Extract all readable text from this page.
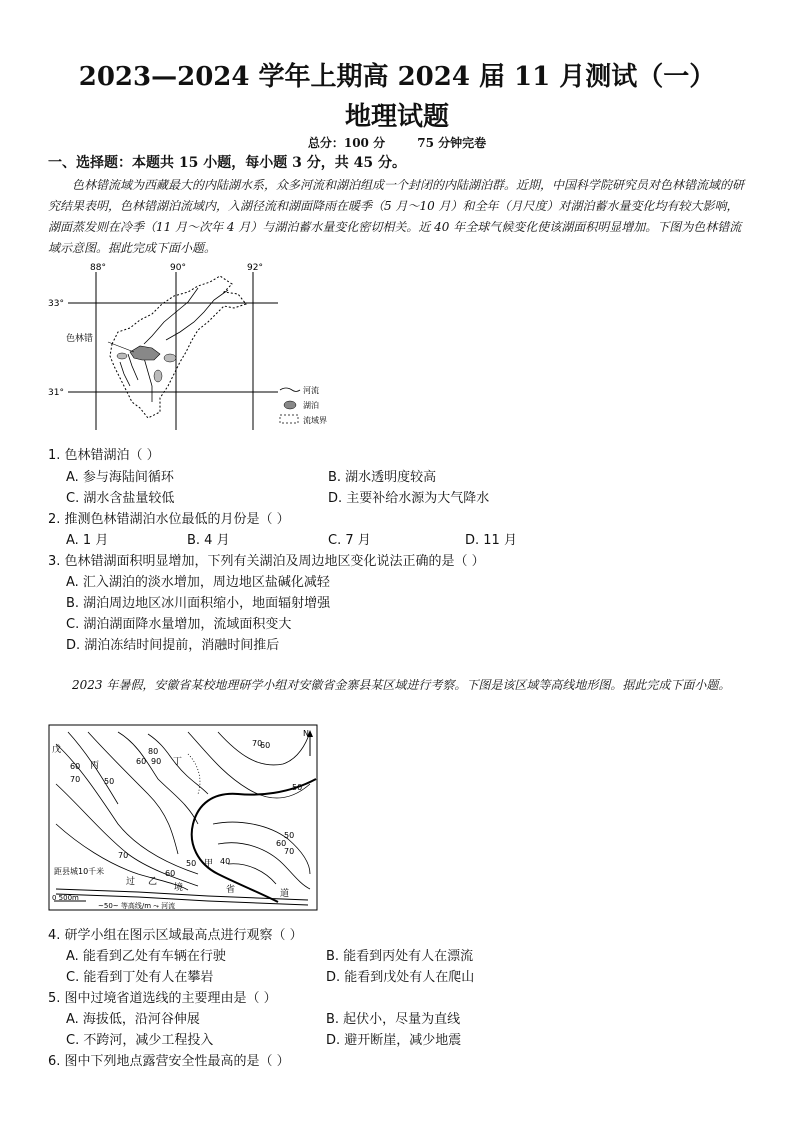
2023—2024 学年上期高 2024 届 11 月测试（一）
地理试题
总分：100 分	75 分钟完卷
一、选择题：本题共 15 小题，每小题 3 分，共 45 分。
色林错流域为西藏最大的内陆湖水系，众多河流和湖泊组成一个封闭的内陆湖泊群。近期，中国科学院研究员对色林错流域的研究结果表明，色林错湖泊流域内，入湖径流和湖面降雨在暖季（5 月～10 月）和全年（月尺度）对湖泊蓄水量变化均有较大影响，湖面蒸发则在冷季（11 月～次年 4 月）与湖泊蓄水量变化密切相关。近 40 年全球气候变化使该湖面积明显增加。下图为色林错流域示意图。据此完成下面小题。
88°	90°	92°
33°
31°
色林错
河流
湖泊
流域界
1. 色林错湖泊（ ）
A. 参与海陆间循环	B. 湖水透明度较高
C. 湖水含盐量较低	D. 主要补给水源为大气降水
2. 推测色林错湖泊水位最低的月份是（ ）
A. 1 月	B. 4 月	C. 7 月	D. 11 月
3. 色林错湖面积明显增加，下列有关湖泊及周边地区变化说法正确的是（ ）
A. 汇入湖泊的淡水增加，周边地区盐碱化减轻
B. 湖泊周边地区冰川面积缩小，地面辐射增强
C. 湖泊湖面降水量增加，流域面积变大
D. 湖泊冻结时间提前，消融时间推后
2023 年暑假，安徽省某校地理研学小组对安徽省金寨县某区域进行考察。下图是该区域等高线地形图。据此完成下面小题。
60
70
80
90
60
50
50
60
70
50
50
60
70
40
60
70
戊
丙	丁
甲
乙
N
距县城10千米
过
境	省	道
0 500m
~50~ 等高线/m ⤳ 河流
4. 研学小组在图示区域最高点进行观察（ ）
A. 能看到乙处有车辆在行驶	B. 能看到丙处有人在漂流
C. 能看到丁处有人在攀岩	D. 能看到戊处有人在爬山
5. 图中过境省道选线的主要理由是（ ）
A. 海拔低，沿河谷伸展	B. 起伏小，尽量为直线
C. 不跨河，减少工程投入	D. 避开断崖，减少地震
6. 图中下列地点露营安全性最高的是（ ）
